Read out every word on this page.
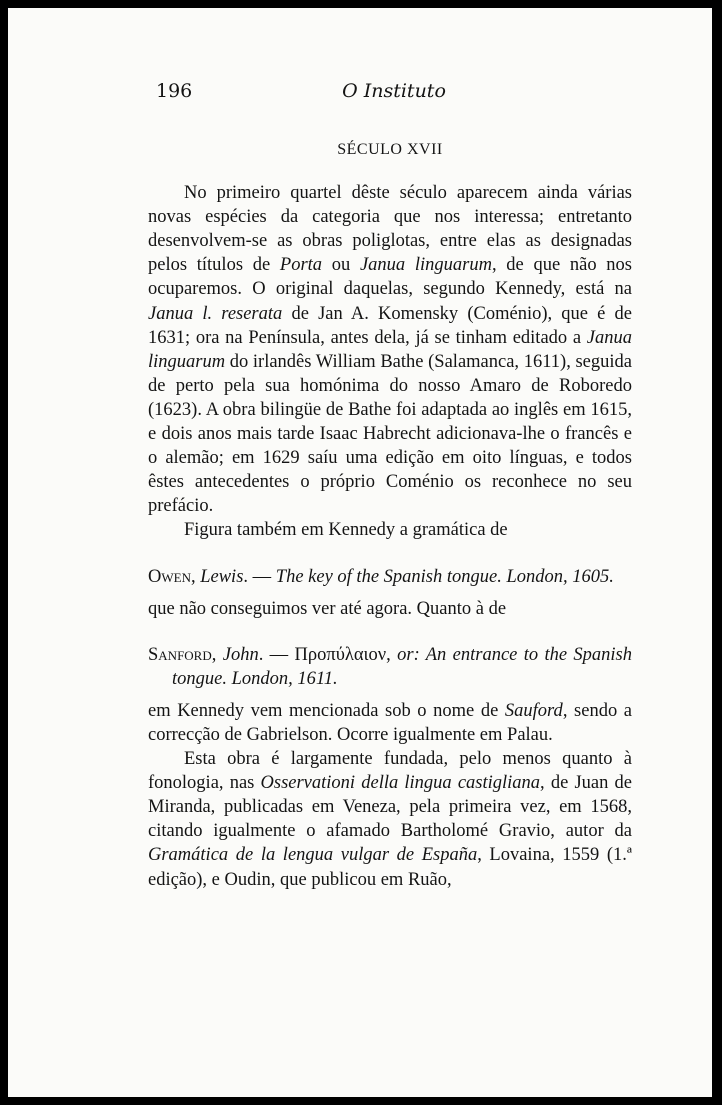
196	O Instituto
SÉCULO XVII

No primeiro quartel dêste século aparecem ainda várias novas espécies da categoria que nos interessa; entretanto desenvolvem-se as obras poliglotas, entre elas as designadas pelos títulos de Porta ou Janua linguarum, de que não nos ocuparemos. O original daquelas, segundo Kennedy, está na Janua l. reserata de Jan A. Komensky (Coménio), que é de 1631; ora na Península, antes dela, já se tinham editado a Janua linguarum do irlandês William Bathe (Salamanca, 1611), seguida de perto pela sua homónima do nosso Amaro de Roboredo (1623). A obra bilingüe de Bathe foi adaptada ao inglês em 1615, e dois anos mais tarde Isaac Habrecht adicionava-lhe o francês e o alemão; em 1629 saíu uma edição em oito línguas, e todos êstes antecedentes o próprio Coménio os reconhece no seu prefácio.

Figura também em Kennedy a gramática de

Owen, Lewis. — The key of the Spanish tongue. London, 1605.

que não conseguimos ver até agora. Quanto à de

Sanford, John. — Προπύλαιον, or: An entrance to the Spanish tongue. London, 1611.

em Kennedy vem mencionada sob o nome de Sauford, sendo a correcção de Gabrielson. Ocorre igualmente em Palau.

Esta obra é largamente fundada, pelo menos quanto à fonologia, nas Osservationi della lingua castigliana, de Juan de Miranda, publicadas em Veneza, pela primeira vez, em 1568, citando igualmente o afamado Bartholomé Gravio, autor da Gramática de la lengua vulgar de España, Lovaina, 1559 (1.ª edição), e Oudin, que publicou em Ruão,
